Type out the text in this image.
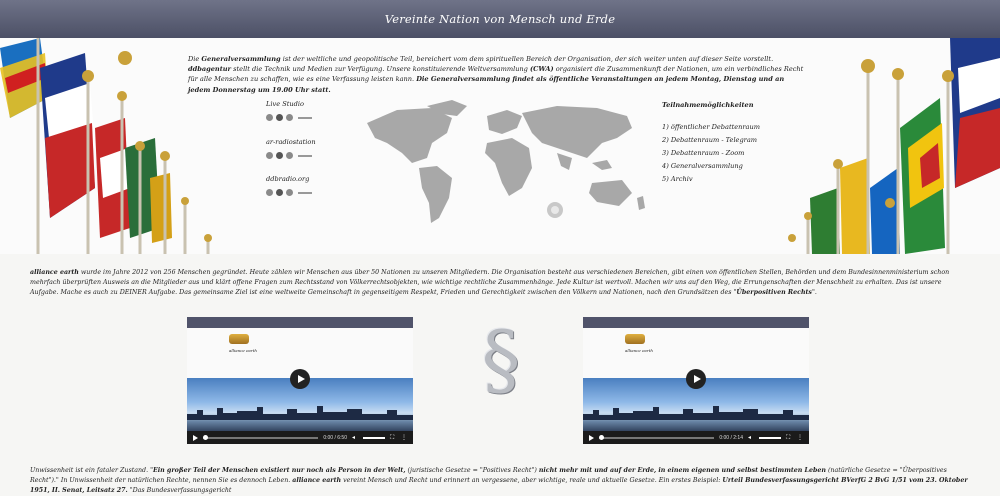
Vereinte Nation von Mensch und Erde
Die Generalversammlung ist der weltliche und geopolitische Teil, bereichert vom dem spirituellen Bereich der Organisation, der sich weiter unten auf dieser Seite vorstellt. ddbagentur stellt die Technik und Medien zur Verfügung. Unsere konstituierende Weltversammlung (CWA) organisiert die Zusammenkunft der Nationen, um ein verbindliches Recht für alle Menschen zu schaffen, wie es eine Verfassung leisten kann. Die Generalversammlung findet als öffentliche Veranstaltungen an jedem Montag, Dienstag und an jedem Donnerstag um 19.00 Uhr statt.
Live Studio
ar-radiostation
ddbradio.org
Teilnahmemöglichkeiten
1) öffentlicher Debattenraum
2) Debattenraum - Telegram
3) Debattenraum - Zoom
4) Generalversammlung
5) Archiv
alliance earth wurde im Jahre 2012 von 256 Menschen gegründet. Heute zählen wir Menschen aus über 50 Nationen zu unseren Mitgliedern. Die Organisation besteht aus verschiedenen Bereichen, gibt einen von öffentlichen Stellen, Behörden und dem Bundesinnenministerium schon mehrfach überprüften Ausweis an die Mitglieder aus und klärt offene Fragen zum Rechtsstand von Völkerrechtsobjekten, wie wichtige rechtliche Zusammenhänge. Jede Kultur ist wertvoll. Machen wir uns auf den Weg, die Errungenschaften der Menschheit zu erhalten. Das ist unsere Aufgabe. Mache es auch zu DEINER Aufgabe. Das gemeinsame Ziel ist eine weltweite Gemeinschaft in gegenseitigem Respekt, Frieden und Gerechtigkeit zwischen den Völkern und Nationen, nach den Grundsätzen des "Überpositiven Rechts".
alliance earth
0:00 / 6:50 ◂	⛶ ⋮
§	alliance earth
0:00 / 2:14 ◂	⛶ ⋮
Unwissenheit ist ein fataler Zustand. "Ein großer Teil der Menschen existiert nur noch als Person in der Welt, (juristische Gesetze = "Positives Recht") nicht mehr mit und auf der Erde, in einem eigenen und selbst bestimmten Leben (natürliche Gesetze = "Überpositives Recht")." In Unwissenheit der natürlichen Rechte, nennen Sie es dennoch Leben. alliance earth vereint Mensch und Recht und erinnert an vergessene, aber wichtige, reale und aktuelle Gesetze. Ein erstes Beispiel: Urteil Bundesverfassungsgericht BVerfG 2 BvG 1/51 vom 23. Oktober 1951, II. Senat, Leitsatz 27. "Das Bundesverfassungsgericht
